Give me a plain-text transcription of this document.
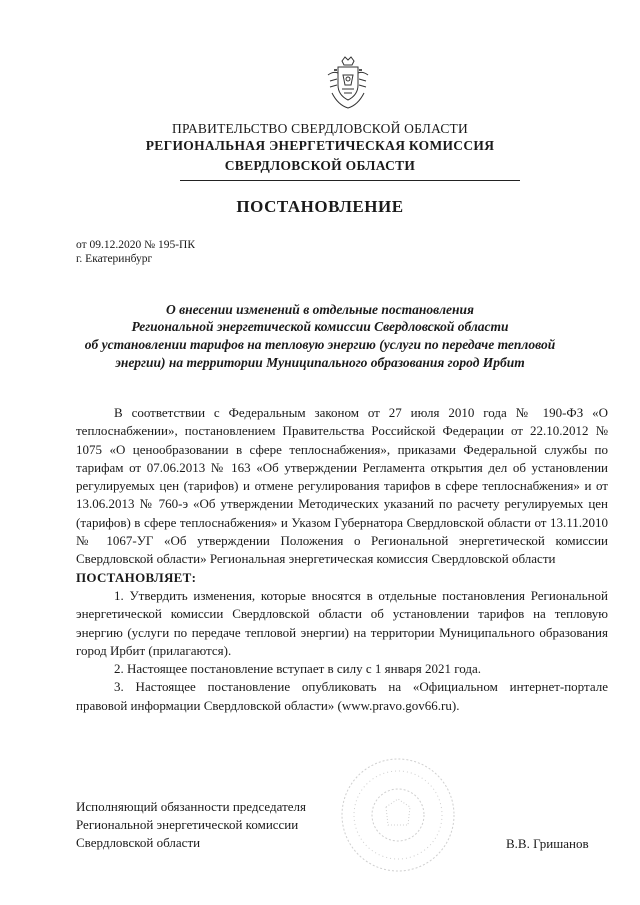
ПРАВИТЕЛЬСТВО СВЕРДЛОВСКОЙ ОБЛАСТИ
РЕГИОНАЛЬНАЯ ЭНЕРГЕТИЧЕСКАЯ КОМИССИЯ
СВЕРДЛОВСКОЙ ОБЛАСТИ
ПОСТАНОВЛЕНИЕ
от 09.12.2020 № 195-ПК
г. Екатеринбург
О внесении изменений в отдельные постановления
Региональной энергетической комиссии Свердловской области
об установлении тарифов на тепловую энергию (услуги по передаче тепловой
энергии) на территории Муниципального образования город Ирбит

В соответствии с Федеральным законом от 27 июля 2010 года № 190-ФЗ «О теплоснабжении», постановлением Правительства Российской Федерации от 22.10.2012 № 1075 «О ценообразовании в сфере теплоснабжения», приказами Федеральной службы по тарифам от 07.06.2013 № 163 «Об утверждении Регламента открытия дел об установлении регулируемых цен (тарифов) и отмене регулирования тарифов в сфере теплоснабжения» и от 13.06.2013 № 760-э «Об утверждении Методических указаний по расчету регулируемых цен (тарифов) в сфере теплоснабжения» и Указом Губернатора Свердловской области от 13.11.2010 № 1067-УГ «Об утверждении Положения о Региональной энергетической комиссии Свердловской области» Региональная энергетическая комиссия Свердловской области

ПОСТАНОВЛЯЕТ:

1. Утвердить изменения, которые вносятся в отдельные постановления Региональной энергетической комиссии Свердловской области об установлении тарифов на тепловую энергию (услуги по передаче тепловой энергии) на территории Муниципального образования город Ирбит (прилагаются).

2. Настоящее постановление вступает в силу с 1 января 2021 года.

3. Настоящее постановление опубликовать на «Официальном интернет-портале правовой информации Свердловской области» (www.pravo.gov66.ru).

Исполняющий обязанности председателя
Региональной энергетической комиссии
Свердловской области	В.В. Гришанов
